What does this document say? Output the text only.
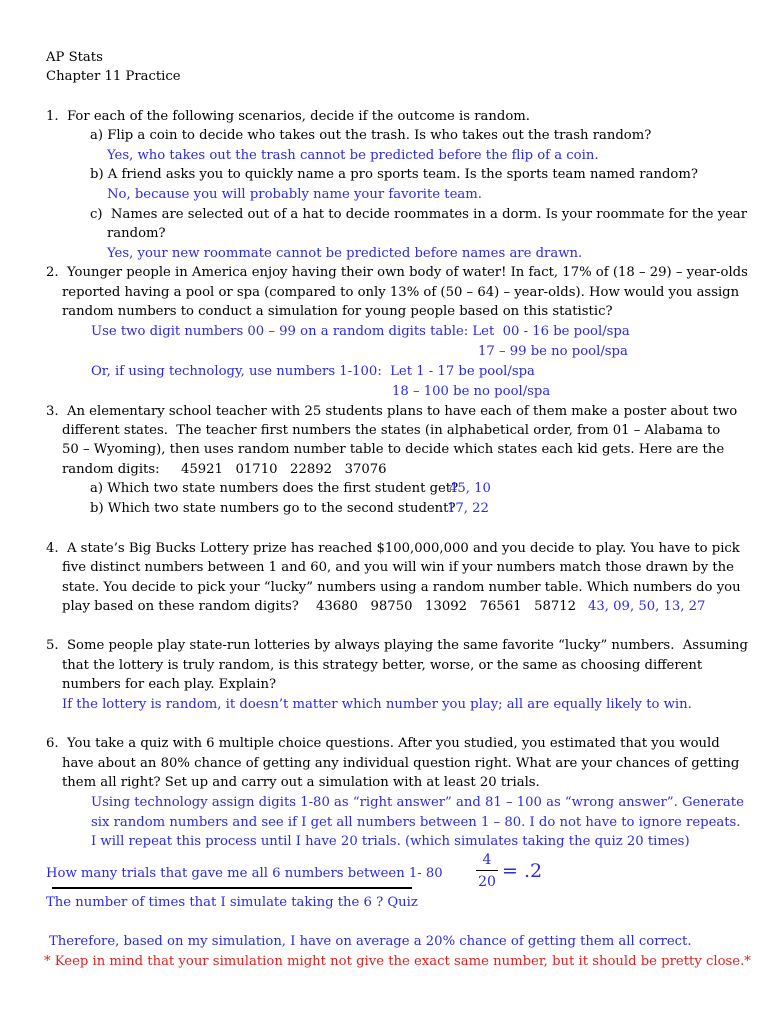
AP Stats
Chapter 11 Practice
1.  For each of the following scenarios, decide if the outcome is random.
a) Flip a coin to decide who takes out the trash. Is who takes out the trash random?
Yes, who takes out the trash cannot be predicted before the flip of a coin.
b) A friend asks you to quickly name a pro sports team. Is the sports team named random?
No, because you will probably name your favorite team.
c)  Names are selected out of a hat to decide roommates in a dorm. Is your roommate for the year
random?
Yes, your new roommate cannot be predicted before names are drawn.
2.  Younger people in America enjoy having their own body of water! In fact, 17% of (18 – 29) – year-olds
reported having a pool or spa (compared to only 13% of (50 – 64) – year-olds). How would you assign
random numbers to conduct a simulation for young people based on this statistic?
Use two digit numbers 00 – 99 on a random digits table: Let  00 - 16 be pool/spa
17 – 99 be no pool/spa
Or, if using technology, use numbers 1-100:  Let 1 - 17 be pool/spa
18 – 100 be no pool/spa
3.  An elementary school teacher with 25 students plans to have each of them make a poster about two
different states.  The teacher first numbers the states (in alphabetical order, from 01 – Alabama to
50 – Wyoming), then uses random number table to decide which states each kid gets. Here are the
random digits: 45921   01710   22892   37076
a) Which two state numbers does the first student get?
45, 10
b) Which two state numbers go to the second student?
17, 22
4.  A state’s Big Bucks Lottery prize has reached $100,000,000 and you decide to play. You have to pick
five distinct numbers between 1 and 60, and you will win if your numbers match those drawn by the
state. You decide to pick your “lucky” numbers using a random number table. Which numbers do you
play based on these random digits? 43680   98750   13092   76561   58712 43, 09, 50, 13, 27
5.  Some people play state-run lotteries by always playing the same favorite “lucky” numbers.  Assuming
that the lottery is truly random, is this strategy better, worse, or the same as choosing different
numbers for each play. Explain?
If the lottery is random, it doesn’t matter which number you play; all are equally likely to win.
6.  You take a quiz with 6 multiple choice questions. After you studied, you estimated that you would
have about an 80% chance of getting any individual question right. What are your chances of getting
them all right? Set up and carry out a simulation with at least 20 trials.
Using technology assign digits 1-80 as “right answer” and 81 – 100 as “wrong answer”. Generate
six random numbers and see if I get all numbers between 1 – 80. I do not have to ignore repeats.
I will repeat this process until I have 20 trials. (which simulates taking the quiz 20 times)
How many trials that gave me all 6 numbers between 1- 80
The number of times that I simulate taking the 6 ? Quiz
4
20 = .2
Therefore, based on my simulation, I have on average a 20% chance of getting them all correct.
* Keep in mind that your simulation might not give the exact same number, but it should be pretty close.*
